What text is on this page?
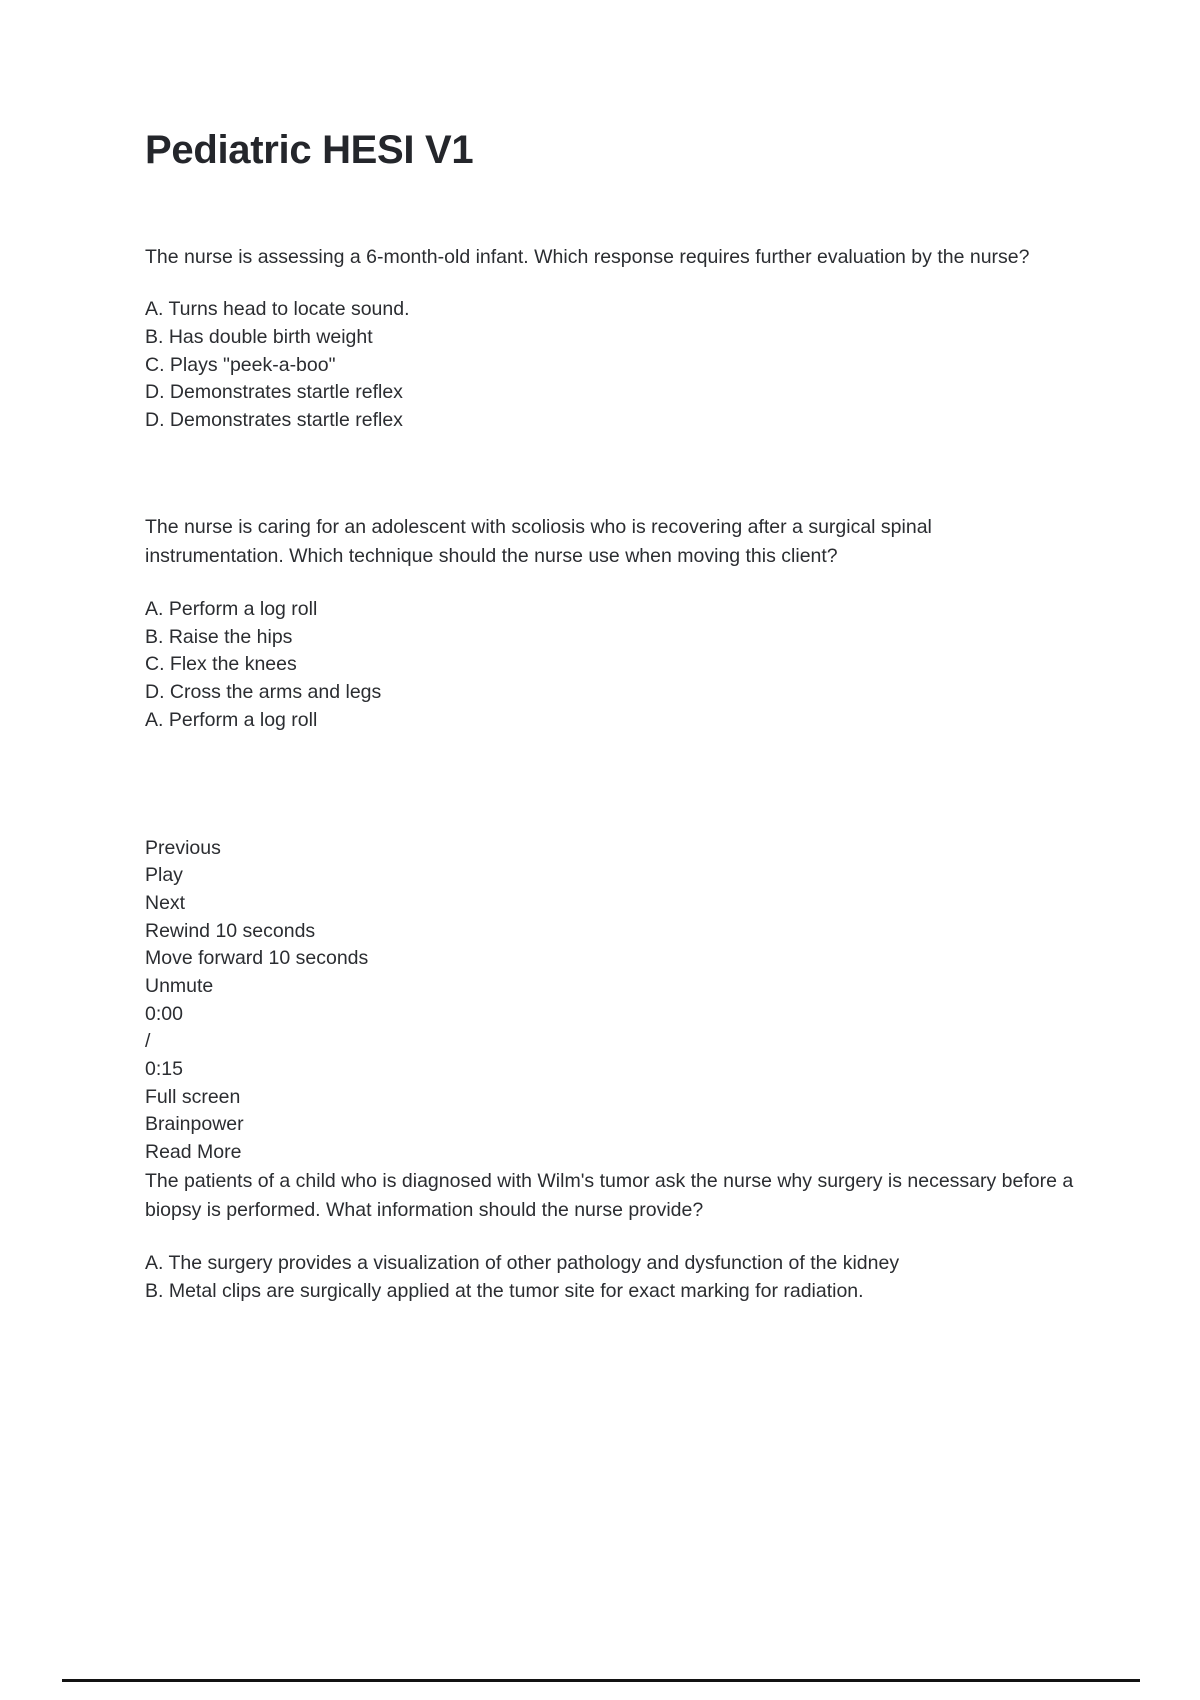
Pediatric HESI V1

The nurse is assessing a 6-month-old infant. Which response requires further evaluation by the nurse?

A. Turns head to locate sound.

B. Has double birth weight

C. Plays "peek-a-boo"

D. Demonstrates startle reflex

D. Demonstrates startle reflex

The nurse is caring for an adolescent with scoliosis who is recovering after a surgical spinal instrumentation. Which technique should the nurse use when moving this client?

A. Perform a log roll

B. Raise the hips

C. Flex the knees

D. Cross the arms and legs

A. Perform a log roll

Previous

Play

Next

Rewind 10 seconds

Move forward 10 seconds

Unmute

0:00

/

0:15

Full screen

Brainpower

Read More

The patients of a child who is diagnosed with Wilm's tumor ask the nurse why surgery is necessary before a biopsy is performed. What information should the nurse provide?

A. The surgery provides a visualization of other pathology and dysfunction of the kidney

B. Metal clips are surgically applied at the tumor site for exact marking for radiation.
